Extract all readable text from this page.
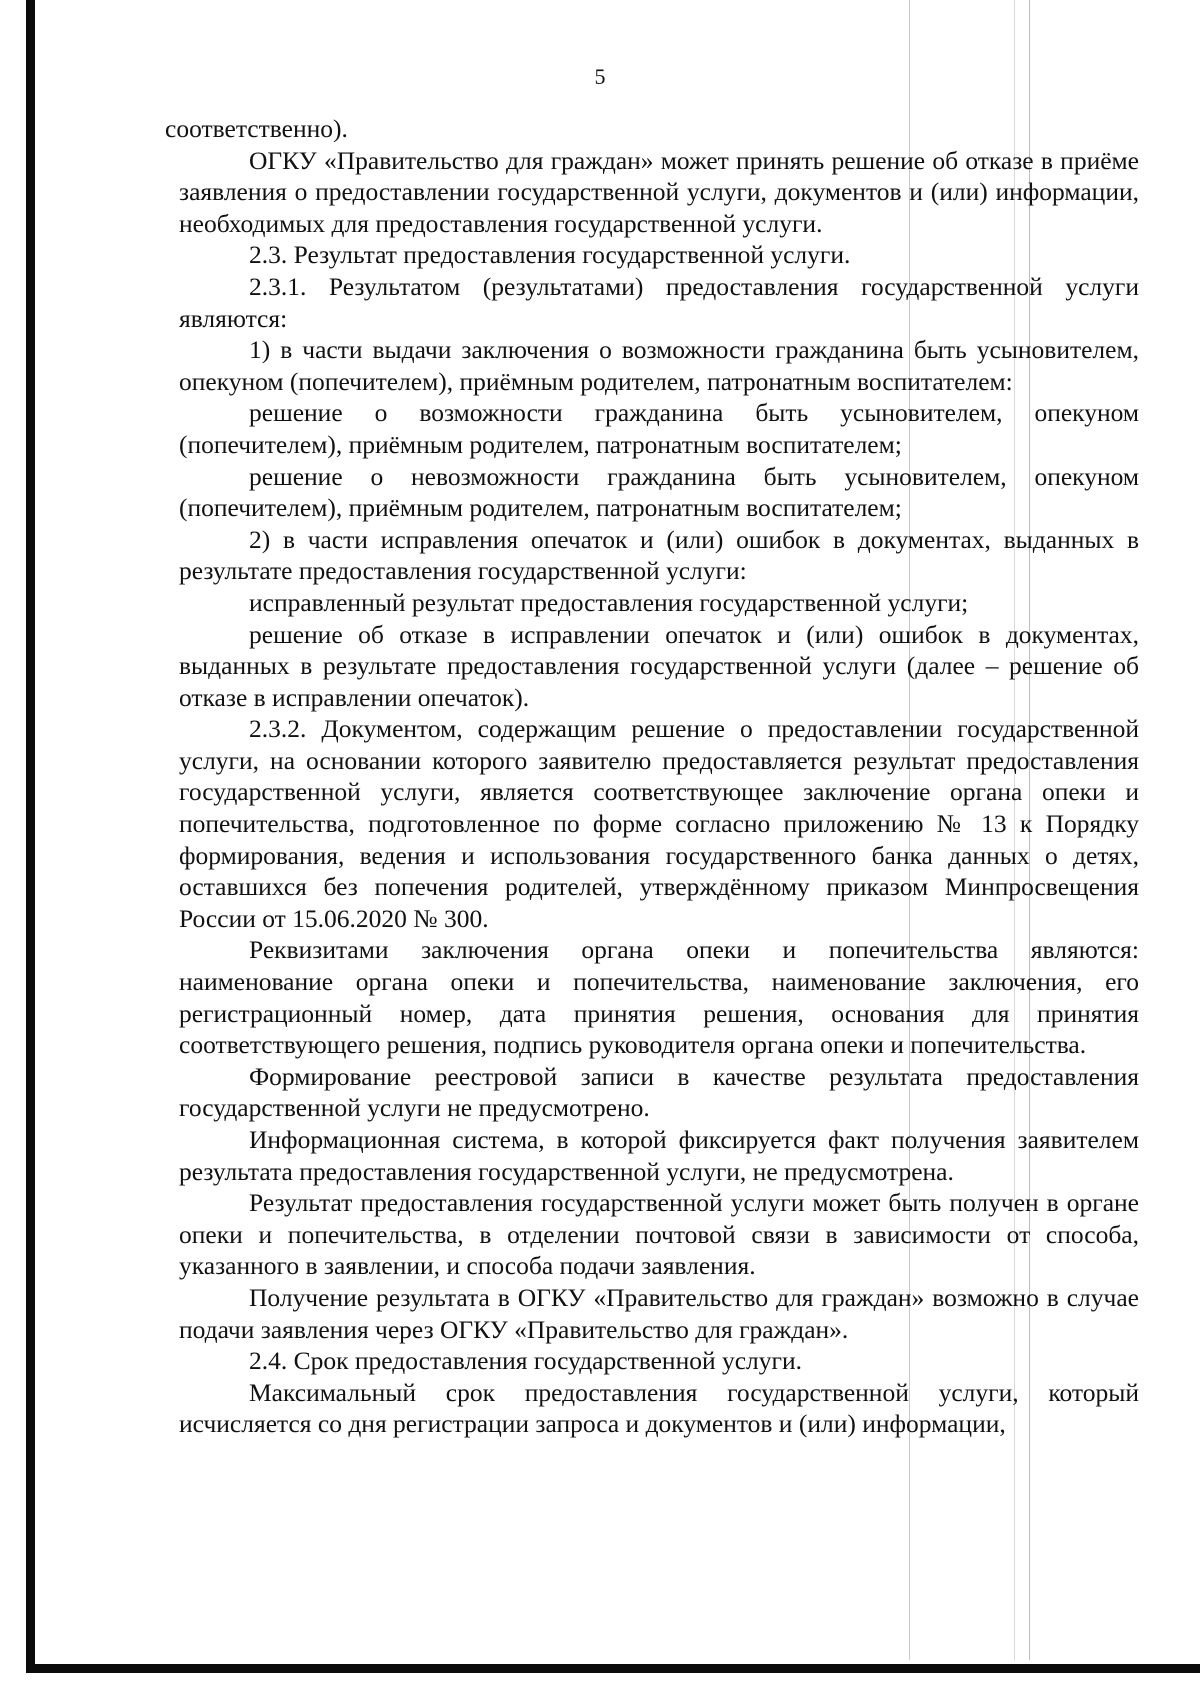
5

соответственно).

ОГКУ «Правительство для граждан» может принять решение об отказе в приёме заявления о предоставлении государственной услуги, документов и (или) информации, необходимых для предоставления государственной услуги.

2.3. Результат предоставления государственной услуги.

2.3.1. Результатом (результатами) предоставления государственной услуги являются:

1) в части выдачи заключения о возможности гражданина быть усыновителем, опекуном (попечителем), приёмным родителем, патронатным воспитателем:

решение о возможности гражданина быть усыновителем, опекуном (попечителем), приёмным родителем, патронатным воспитателем;

решение о невозможности гражданина быть усыновителем, опекуном (попечителем), приёмным родителем, патронатным воспитателем;

2) в части исправления опечаток и (или) ошибок в документах, выданных в результате предоставления государственной услуги:

исправленный результат предоставления государственной услуги;

решение об отказе в исправлении опечаток и (или) ошибок в документах, выданных в результате предоставления государственной услуги (далее – решение об отказе в исправлении опечаток).

2.3.2. Документом, содержащим решение о предоставлении государственной услуги, на основании которого заявителю предоставляется результат предоставления государственной услуги, является соответствующее заключение органа опеки и попечительства, подготовленное по форме согласно приложению № 13 к Порядку формирования, ведения и использования государственного банка данных о детях, оставшихся без попечения родителей, утверждённому приказом Минпросвещения России от 15.06.2020 № 300.

Реквизитами заключения органа опеки и попечительства являются: наименование органа опеки и попечительства, наименование заключения, его регистрационный номер, дата принятия решения, основания для принятия соответствующего решения, подпись руководителя органа опеки и попечительства.

Формирование реестровой записи в качестве результата предоставления государственной услуги не предусмотрено.

Информационная система, в которой фиксируется факт получения заявителем результата предоставления государственной услуги, не предусмотрена.

Результат предоставления государственной услуги может быть получен в органе опеки и попечительства, в отделении почтовой связи в зависимости от способа, указанного в заявлении, и способа подачи заявления.

Получение результата в ОГКУ «Правительство для граждан» возможно в случае подачи заявления через ОГКУ «Правительство для граждан».

2.4. Срок предоставления государственной услуги.

Максимальный срок предоставления государственной услуги, который исчисляется со дня регистрации запроса и документов и (или) информации,
